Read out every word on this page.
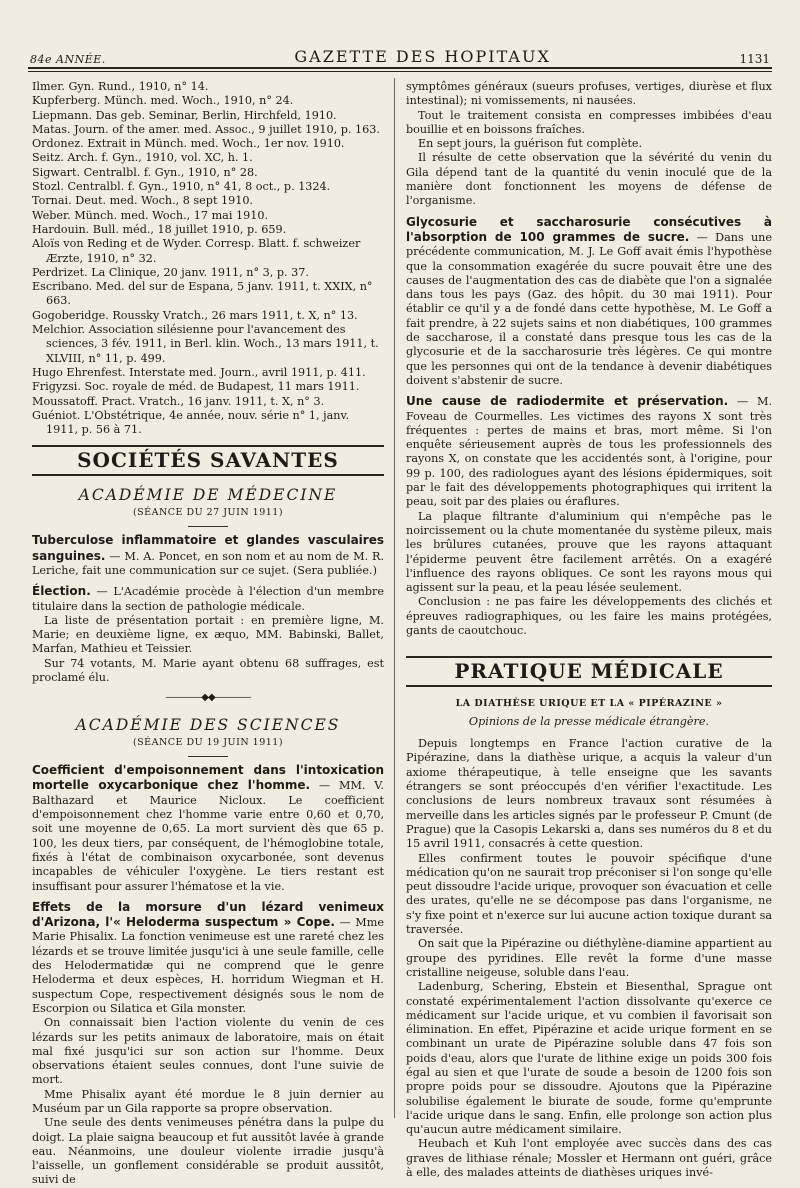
84e ANNÉE.	GAZETTE DES HOPITAUX	1131

Ilmer. Gyn. Rund., 1910, n° 14.

Kupferberg. Münch. med. Woch., 1910, n° 24.

Liepmann. Das geb. Seminar, Berlin, Hirchfeld, 1910.

Matas. Journ. of the amer. med. Assoc., 9 juillet 1910, p. 163.

Ordonez. Extrait in Münch. med. Woch., 1er nov. 1910.

Seitz. Arch. f. Gyn., 1910, vol. XC, h. 1.

Sigwart. Centralbl. f. Gyn., 1910, n° 28.

Stozl. Centralbl. f. Gyn., 1910, n° 41, 8 oct., p. 1324.

Tornai. Deut. med. Woch., 8 sept 1910.

Weber. Münch. med. Woch., 17 mai 1910.

Hardouin. Bull. méd., 18 juillet 1910, p. 659.

Aloïs von Reding et de Wyder. Corresp. Blatt. f. schweizer Ærzte, 1910, n° 32.

Perdrizet. La Clinique, 20 janv. 1911, n° 3, p. 37.

Escribano. Med. del sur de Espana, 5 janv. 1911, t. XXIX, n° 663.

Gogoberidge. Roussky Vratch., 26 mars 1911, t. X, n° 13.

Melchior. Association silésienne pour l'avancement des sciences, 3 fév. 1911, in Berl. klin. Woch., 13 mars 1911, t. XLVIII, n° 11, p. 499.

Hugo Ehrenfest. Interstate med. Journ., avril 1911, p. 411.

Frigyzsi. Soc. royale de méd. de Budapest, 11 mars 1911.

Moussatoff. Pract. Vratch., 16 janv. 1911, t. X, n° 3.

Guéniot. L'Obstétrique, 4e année, nouv. série n° 1, janv. 1911, p. 56 à 71.

SOCIÉTÉS SAVANTES
ACADÉMIE DE MÉDECINE
(SÉANCE DU 27 JUIN 1911)

Tuberculose inflammatoire et glandes vasculaires sanguines. — M. A. Poncet, en son nom et au nom de M. R. Leriche, fait une communication sur ce sujet. (Sera publiée.)

Élection. — L'Académie procède à l'élection d'un membre titulaire dans la section de pathologie médicale.

La liste de présentation portait : en première ligne, M. Marie; en deuxième ligne, ex æquo, MM. Babinski, Ballet, Marfan, Mathieu et Teissier.

Sur 74 votants, M. Marie ayant obtenu 68 suffrages, est proclamé élu.

————◆◆————
ACADÉMIE DES SCIENCES
(SÉANCE DU 19 JUIN 1911)

Coefficient d'empoisonnement dans l'intoxication mortelle oxycarbonique chez l'homme. — MM. V. Balthazard et Maurice Nicloux. Le coefficient d'empoisonnement chez l'homme varie entre 0,60 et 0,70, soit une moyenne de 0,65. La mort survient dès que 65 p. 100, les deux tiers, par conséquent, de l'hémoglobine totale, fixés à l'état de combinaison oxycarbonée, sont devenus incapables de véhiculer l'oxygène. Le tiers restant est insuffisant pour assurer l'hématose et la vie.

Effets de la morsure d'un lézard venimeux d'Arizona, l'« Heloderma suspectum » Cope. — Mme Marie Phisalix. La fonction venimeuse est une rareté chez les lézards et se trouve limitée jusqu'ici à une seule famille, celle des Helodermatidæ qui ne comprend que le genre Heloderma et deux espèces, H. horridum Wiegman et H. suspectum Cope, respectivement désignés sous le nom de Escorpion ou Silatica et Gila monster.

On connaissait bien l'action violente du venin de ces lézards sur les petits animaux de laboratoire, mais on était mal fixé jusqu'ici sur son action sur l'homme. Deux observations étaient seules connues, dont l'une suivie de mort.

Mme Phisalix ayant été mordue le 8 juin dernier au Muséum par un Gila rapporte sa propre observation.

Une seule des dents venimeuses pénétra dans la pulpe du doigt. La plaie saigna beaucoup et fut aussitôt lavée à grande eau. Néanmoins, une douleur violente irradie jusqu'à l'aisselle, un gonflement considérable se produit aussitôt, suivi de

symptômes généraux (sueurs profuses, vertiges, diurèse et flux intestinal); ni vomissements, ni nausées.

Tout le traitement consista en compresses imbibées d'eau bouillie et en boissons fraîches.

En sept jours, la guérison fut complète.

Il résulte de cette observation que la sévérité du venin du Gila dépend tant de la quantité du venin inoculé que de la manière dont fonctionnent les moyens de défense de l'organisme.

Glycosurie et saccharosurie consécutives à l'absorption de 100 grammes de sucre. — Dans une précédente communication, M. J. Le Goff avait émis l'hypothèse que la consommation exagérée du sucre pouvait être une des causes de l'augmentation des cas de diabète que l'on a signalée dans tous les pays (Gaz. des hôpit. du 30 mai 1911). Pour établir ce qu'il y a de fondé dans cette hypothèse, M. Le Goff a fait prendre, à 22 sujets sains et non diabétiques, 100 grammes de saccharose, il a constaté dans presque tous les cas de la glycosurie et de la saccharosurie très légères. Ce qui montre que les personnes qui ont de la tendance à devenir diabétiques doivent s'abstenir de sucre.

Une cause de radiodermite et préservation. — M. Foveau de Courmelles. Les victimes des rayons X sont très fréquentes : pertes de mains et bras, mort même. Si l'on enquête sérieusement auprès de tous les professionnels des rayons X, on constate que les accidentés sont, à l'origine, pour 99 p. 100, des radiologues ayant des lésions épidermiques, soit par le fait des développements photographiques qui irritent la peau, soit par des plaies ou éraflures.

La plaque filtrante d'aluminium qui n'empêche pas le noircissement ou la chute momentanée du système pileux, mais les brûlures cutanées, prouve que les rayons attaquant l'épiderme peuvent être facilement arrêtés. On a exagéré l'influence des rayons obliques. Ce sont les rayons mous qui agissent sur la peau, et la peau lésée seulement.

Conclusion : ne pas faire les développements des clichés et épreuves radiographiques, ou les faire les mains protégées, gants de caoutchouc.

PRATIQUE MÉDICALE
LA DIATHÈSE URIQUE ET LA « PIPÉRAZINE »
Opinions de la presse médicale étrangère.

Depuis longtemps en France l'action curative de la Pipérazine, dans la diathèse urique, a acquis la valeur d'un axiome thérapeutique, à telle enseigne que les savants étrangers se sont préoccupés d'en vérifier l'exactitude. Les conclusions de leurs nombreux travaux sont résumées à merveille dans les articles signés par le professeur P. Cmunt (de Prague) que la Casopis Lekarski a, dans ses numéros du 8 et du 15 avril 1911, consacrés à cette question.

Elles confirment toutes le pouvoir spécifique d'une médication qu'on ne saurait trop préconiser si l'on songe qu'elle peut dissoudre l'acide urique, provoquer son évacuation et celle des urates, qu'elle ne se décompose pas dans l'organisme, ne s'y fixe point et n'exerce sur lui aucune action toxique durant sa traversée.

On sait que la Pipérazine ou diéthylène-diamine appartient au groupe des pyridines. Elle revêt la forme d'une masse cristalline neigeuse, soluble dans l'eau.

Ladenburg, Schering, Ebstein et Biesenthal, Sprague ont constaté expérimentalement l'action dissolvante qu'exerce ce médicament sur l'acide urique, et vu combien il favorisait son élimination. En effet, Pipérazine et acide urique forment en se combinant un urate de Pipérazine soluble dans 47 fois son poids d'eau, alors que l'urate de lithine exige un poids 300 fois égal au sien et que l'urate de soude a besoin de 1200 fois son propre poids pour se dissoudre. Ajoutons que la Pipérazine solubilise également le biurate de soude, forme qu'emprunte l'acide urique dans le sang. Enfin, elle prolonge son action plus qu'aucun autre médicament similaire.

Heubach et Kuh l'ont employée avec succès dans des cas graves de lithiase rénale; Mossler et Hermann ont guéri, grâce à elle, des malades atteints de diathèses uriques invé-
